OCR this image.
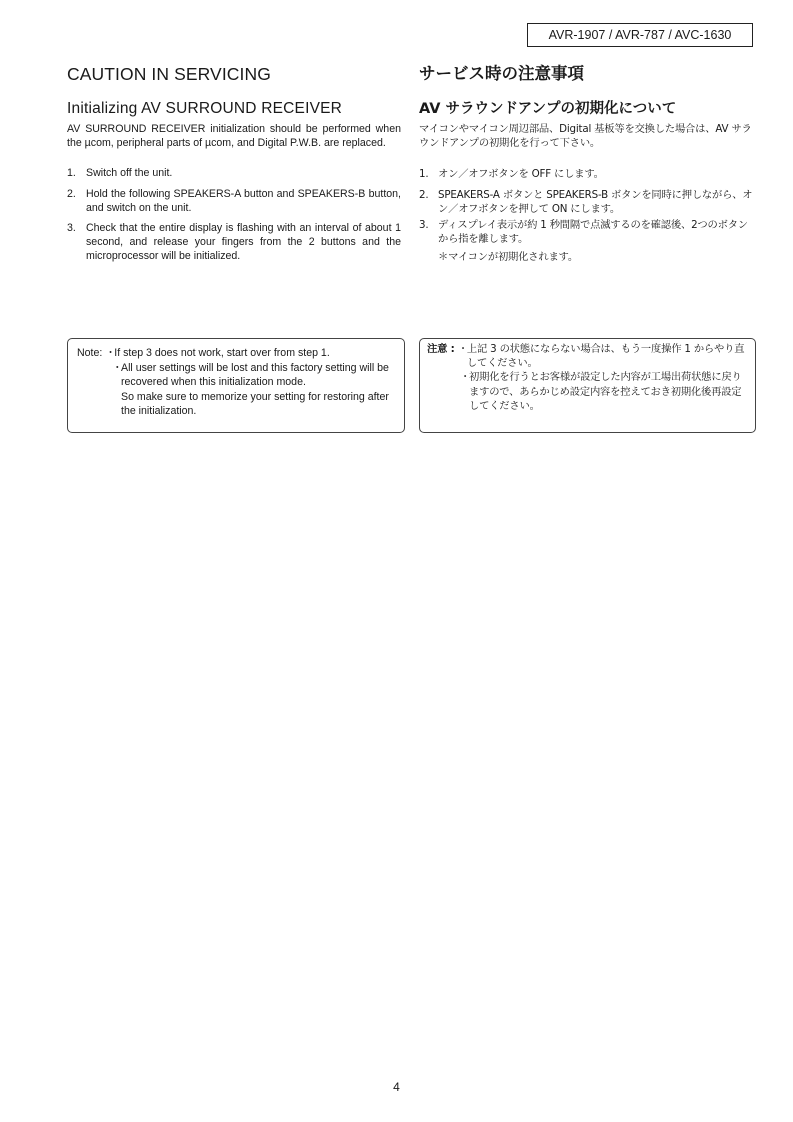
AVR-1907 / AVR-787 / AVC-1630
CAUTION IN SERVICING
Initializing AV SURROUND RECEIVER

AV SURROUND RECEIVER initialization should be performed when the µcom, peripheral parts of µcom, and Digital P.W.B. are replaced.

1. Switch off the unit.
2. Hold the following SPEAKERS-A button and SPEAKERS-B button, and switch on the unit.
3. Check that the entire display is flashing with an interval of about 1 second, and release your fingers from the 2 buttons and the microprocessor will be initialized.
サービス時の注意事項
AV サラウンドアンプの初期化について

マイコンやマイコン周辺部品、Digital 基板等を交換した場合は、AV サラウンドアンプの初期化を行って下さい。

1. オン／オフボタンを OFF にします。
2. SPEAKERS-A ボタンと SPEAKERS-B ボタンを同時に押しながら、オン／オフボタンを押して ON にします。
3. ディスプレイ表示が約 1 秒間隔で点滅するのを確認後、2つのボタンから指を離します。

＊マイコンが初期化されます。

Note: ・
If step 3 does not work, start over from step 1.
・
All user settings will be lost and this factory setting will be recovered when this initialization mode.
So make sure to memorize your setting for restoring after the initialization.
注意 : ・
上記 3 の状態にならない場合は、もう一度操作 1 からやり直してください。
・
初期化を行うとお客様が設定した内容が工場出荷状態に戻りますので、あらかじめ設定内容を控えておき初期化後再設定してください。
4
